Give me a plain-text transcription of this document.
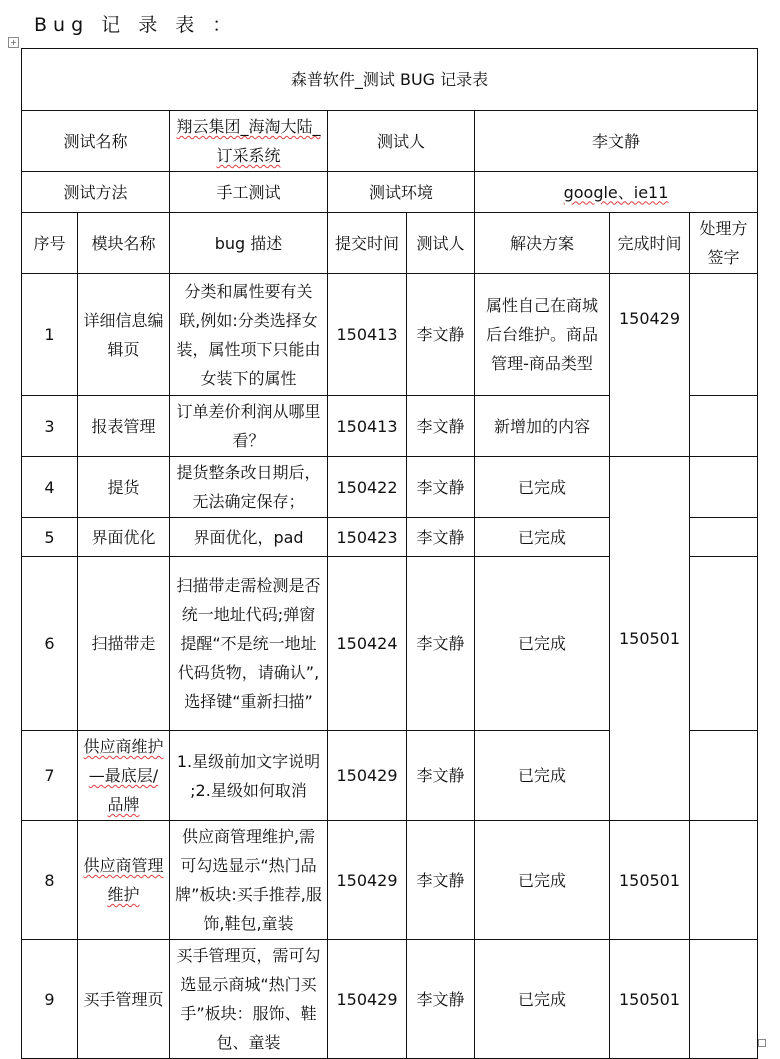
Bug 记 录 表 ：
+
森普软件_测试 BUG 记录表							
测试名称		翔云集团_海淘大陆_订采系统	测试人		李文静		
测试方法		手工测试	测试环境		google、ie11		
序号	模块名称	bug 描述	提交时间	测试人	解决方案	完成时间	处理方签字
1	详细信息编辑页	分类和属性要有关联,例如:分类选择女装，属性项下只能由女装下的属性	150413	李文静	属性自己在商城后台维护。商品管理-商品类型	150429	
3	报表管理	订单差价利润从哪里看？	150413	李文静	新增加的内容		
4	提货	提货整条改日期后，无法确定保存；	150422	李文静	已完成	150501	
5	界面优化	界面优化，pad	150423	李文静	已完成		
6	扫描带走	扫描带走需检测是否统一地址代码;弹窗提醒“不是统一地址代码货物，请确认”,选择键“重新扫描”	150424	李文静	已完成		
7	供应商维护—最底层/品牌	1.星级前加文字说明 ;2.星级如何取消	150429	李文静	已完成		
8	供应商管理维护	供应商管理维护,需可勾选显示“热门品牌”板块:买手推荐,服饰,鞋包,童装	150429	李文静	已完成	150501	
9	买手管理页	买手管理页，需可勾选显示商城“热门买手”板块：服饰、鞋包、童装	150429	李文静	已完成	150501	
